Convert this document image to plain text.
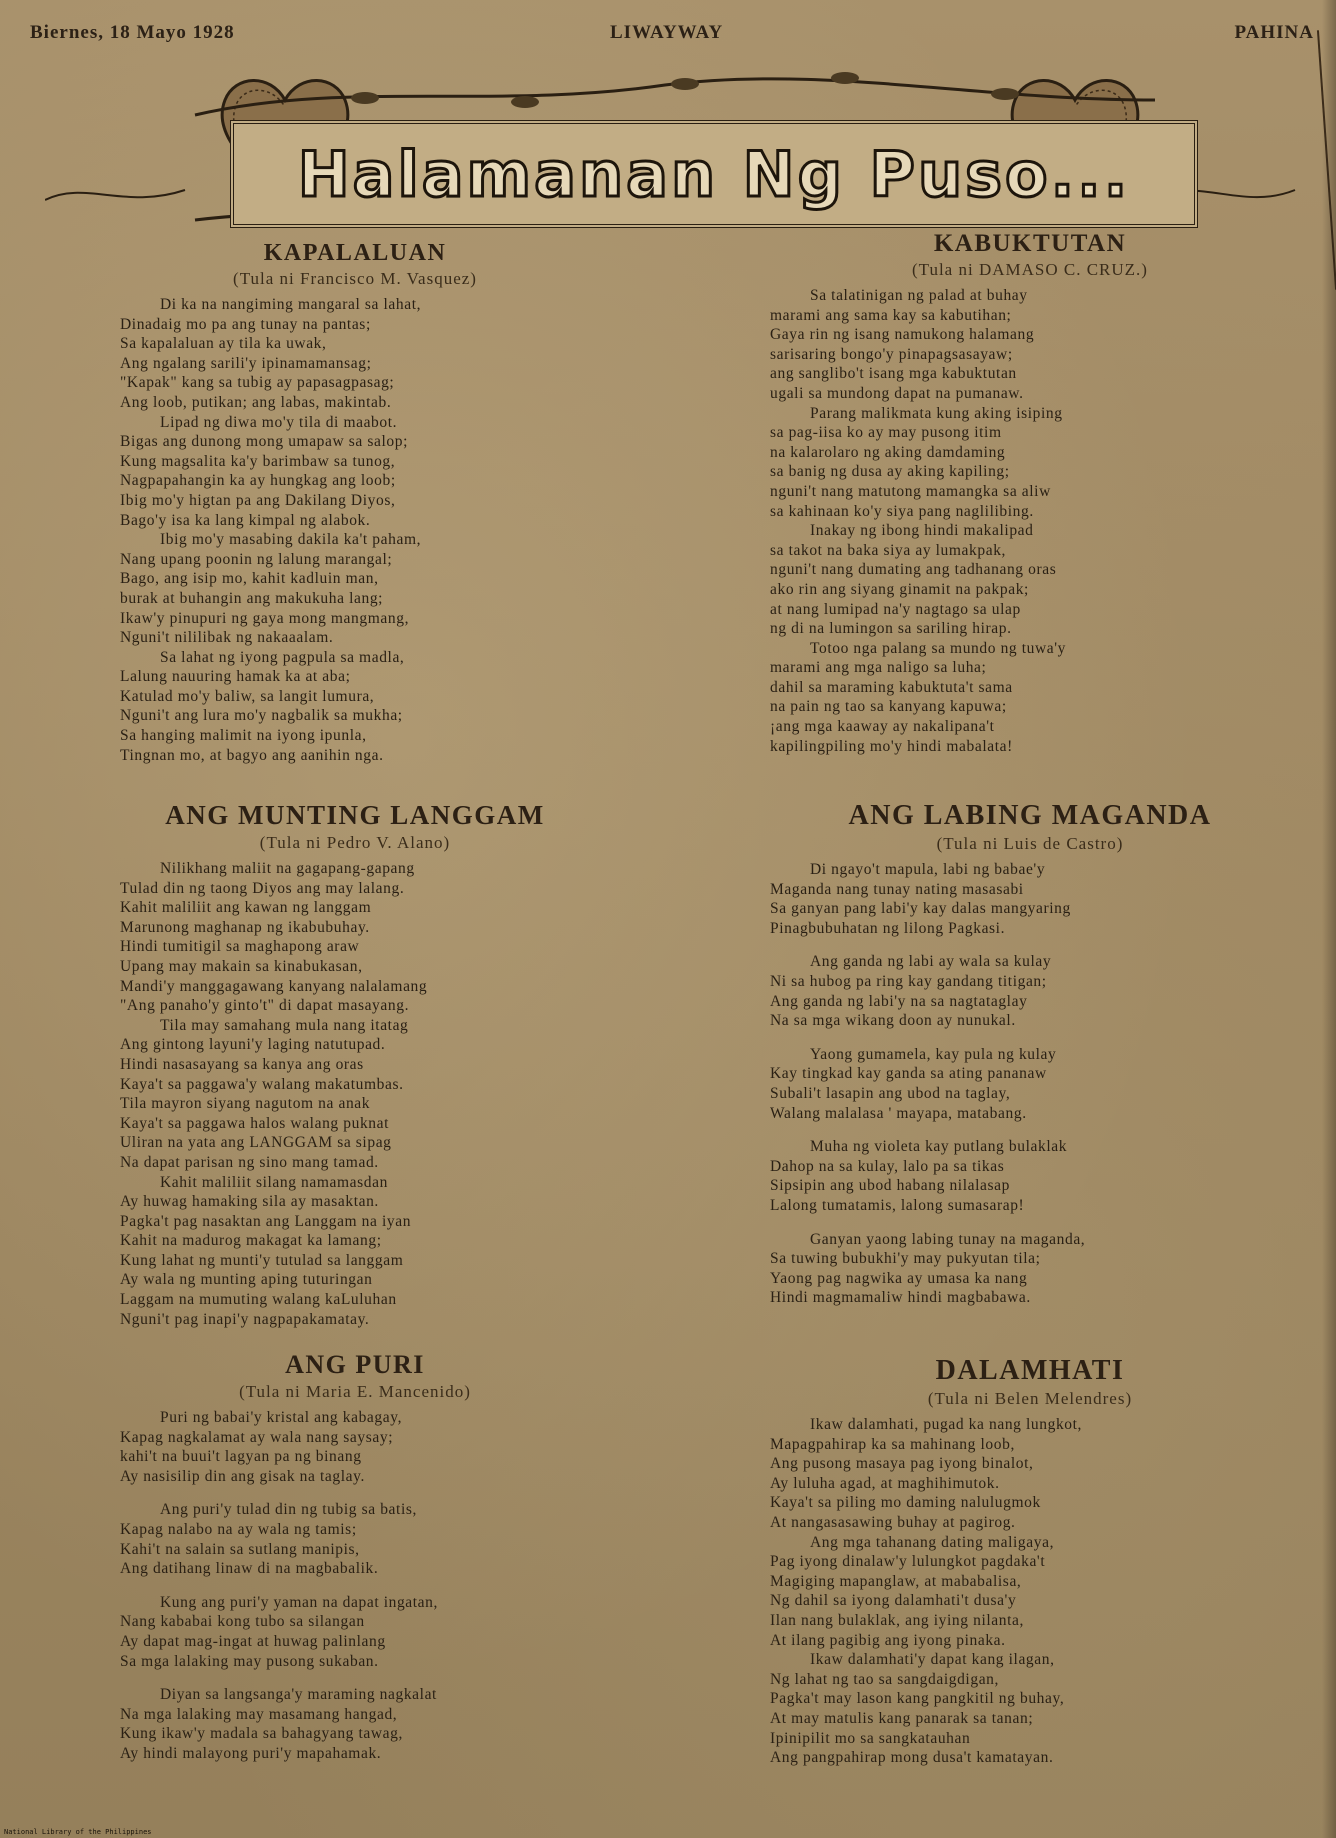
Biernes, 18 Mayo 1928	LIWAYWAY	PAHINA
Halamanan Ng Puso...
KAPALALUAN
(Tula ni Francisco M. Vasquez)
Di ka na nangiming mangaral sa lahat,
Dinadaig mo pa ang tunay na pantas;
Sa kapalaluan ay tila ka uwak,
Ang ngalang sarili'y ipinamamansag;
"Kapak" kang sa tubig ay papasagpasag;
Ang loob, putikan; ang labas, makintab.
Lipad ng diwa mo'y tila di maabot.
Bigas ang dunong mong umapaw sa salop;
Kung magsalita ka'y barimbaw sa tunog,
Nagpapahangin ka ay hungkag ang loob;
Ibig mo'y higtan pa ang Dakilang Diyos,
Bago'y isa ka lang kimpal ng alabok.
Ibig mo'y masabing dakila ka't paham,
Nang upang poonin ng lalung marangal;
Bago, ang isip mo, kahit kadluin man,
burak at buhangin ang makukuha lang;
Ikaw'y pinupuri ng gaya mong mangmang,
Nguni't nililibak ng nakaaalam.
Sa lahat ng iyong pagpula sa madla,
Lalung nauuring hamak ka at aba;
Katulad mo'y baliw, sa langit lumura,
Nguni't ang lura mo'y nagbalik sa mukha;
Sa hanging malimit na iyong ipunla,
Tingnan mo, at bagyo ang aanihin nga.
ANG MUNTING LANGGAM
(Tula ni Pedro V. Alano)
Nilikhang maliit na gagapang-gapang
Tulad din ng taong Diyos ang may lalang.
Kahit maliliit ang kawan ng langgam
Marunong maghanap ng ikabubuhay.
Hindi tumitigil sa maghapong araw
Upang may makain sa kinabukasan,
Mandi'y manggagawang kanyang nalalamang
"Ang panaho'y ginto't" di dapat masayang.
Tila may samahang mula nang itatag
Ang gintong layuni'y laging natutupad.
Hindi nasasayang sa kanya ang oras
Kaya't sa paggawa'y walang makatumbas.
Tila mayron siyang nagutom na anak
Kaya't sa paggawa halos walang puknat
Uliran na yata ang LANGGAM sa sipag
Na dapat parisan ng sino mang tamad.
Kahit maliliit silang namamasdan
Ay huwag hamaking sila ay masaktan.
Pagka't pag nasaktan ang Langgam na iyan
Kahit na madurog makagat ka lamang;
Kung lahat ng munti'y tutulad sa langgam
Ay wala ng munting aping tuturingan
Laggam na mumuting walang kaLuluhan
Nguni't pag inapi'y nagpapakamatay.
ANG PURI
(Tula ni Maria E. Mancenido)
Puri ng babai'y kristal ang kabagay,
Kapag nagkalamat ay wala nang saysay;
kahi't na buui't lagyan pa ng binang
Ay nasisilip din ang gisak na taglay.
Ang puri'y tulad din ng tubig sa batis,
Kapag nalabo na ay wala ng tamis;
Kahi't na salain sa sutlang manipis,
Ang datihang linaw di na magbabalik.
Kung ang puri'y yaman na dapat ingatan,
Nang kababai kong tubo sa silangan
Ay dapat mag-ingat at huwag palinlang
Sa mga lalaking may pusong sukaban.
Diyan sa langsanga'y maraming nagkalat
Na mga lalaking may masamang hangad,
Kung ikaw'y madala sa bahagyang tawag,
Ay hindi malayong puri'y mapahamak.
KABUKTUTAN
(Tula ni DAMASO C. CRUZ.)
Sa talatinigan ng palad at buhay
marami ang sama kay sa kabutihan;
Gaya rin ng isang namukong halamang
sarisaring bongo'y pinapagsasayaw;
ang sanglibo't isang mga kabuktutan
ugali sa mundong dapat na pumanaw.
Parang malikmata kung aking isiping
sa pag-iisa ko ay may pusong itim
na kalarolaro ng aking damdaming
sa banig ng dusa ay aking kapiling;
nguni't nang matutong mamangka sa aliw
sa kahinaan ko'y siya pang naglilibing.
Inakay ng ibong hindi makalipad
sa takot na baka siya ay lumakpak,
nguni't nang dumating ang tadhanang oras
ako rin ang siyang ginamit na pakpak;
at nang lumipad na'y nagtago sa ulap
ng di na lumingon sa sariling hirap.
Totoo nga palang sa mundo ng tuwa'y
marami ang mga naligo sa luha;
dahil sa maraming kabuktuta't sama
na pain ng tao sa kanyang kapuwa;
¡ang mga kaaway ay nakalipana't
kapilingpiling mo'y hindi mabalata!
ANG LABING MAGANDA
(Tula ni Luis de Castro)
Di ngayo't mapula, labi ng babae'y
Maganda nang tunay nating masasabi
Sa ganyan pang labi'y kay dalas mangyaring
Pinagbubuhatan ng lilong Pagkasi.
Ang ganda ng labi ay wala sa kulay
Ni sa hubog pa ring kay gandang titigan;
Ang ganda ng labi'y na sa nagtataglay
Na sa mga wikang doon ay nunukal.
Yaong gumamela, kay pula ng kulay
Kay tingkad kay ganda sa ating pananaw
Subali't lasapin ang ubod na taglay,
Walang malalasa ' mayapa, matabang.
Muha ng violeta kay putlang bulaklak
Dahop na sa kulay, lalo pa sa tikas
Sipsipin ang ubod habang nilalasap
Lalong tumatamis, lalong sumasarap!
Ganyan yaong labing tunay na maganda,
Sa tuwing bubukhi'y may pukyutan tila;
Yaong pag nagwika ay umasa ka nang
Hindi magmamaliw hindi magbabawa.
DALAMHATI
(Tula ni Belen Melendres)
Ikaw dalamhati, pugad ka nang lungkot,
Mapagpahirap ka sa mahinang loob,
Ang pusong masaya pag iyong binalot,
Ay luluha agad, at maghihimutok.
Kaya't sa piling mo daming nalulugmok
At nangasasawing buhay at pagirog.
Ang mga tahanang dating maligaya,
Pag iyong dinalaw'y lulungkot pagdaka't
Magiging mapanglaw, at mababalisa,
Ng dahil sa iyong dalamhati't dusa'y
Ilan nang bulaklak, ang iying nilanta,
At ilang pagibig ang iyong pinaka.
Ikaw dalamhati'y dapat kang ilagan,
Ng lahat ng tao sa sangdaigdigan,
Pagka't may lason kang pangkitil ng buhay,
At may matulis kang panarak sa tanan;
Ipinipilit mo sa sangkatauhan
Ang pangpahirap mong dusa't kamatayan.
National Library of the Philippines
